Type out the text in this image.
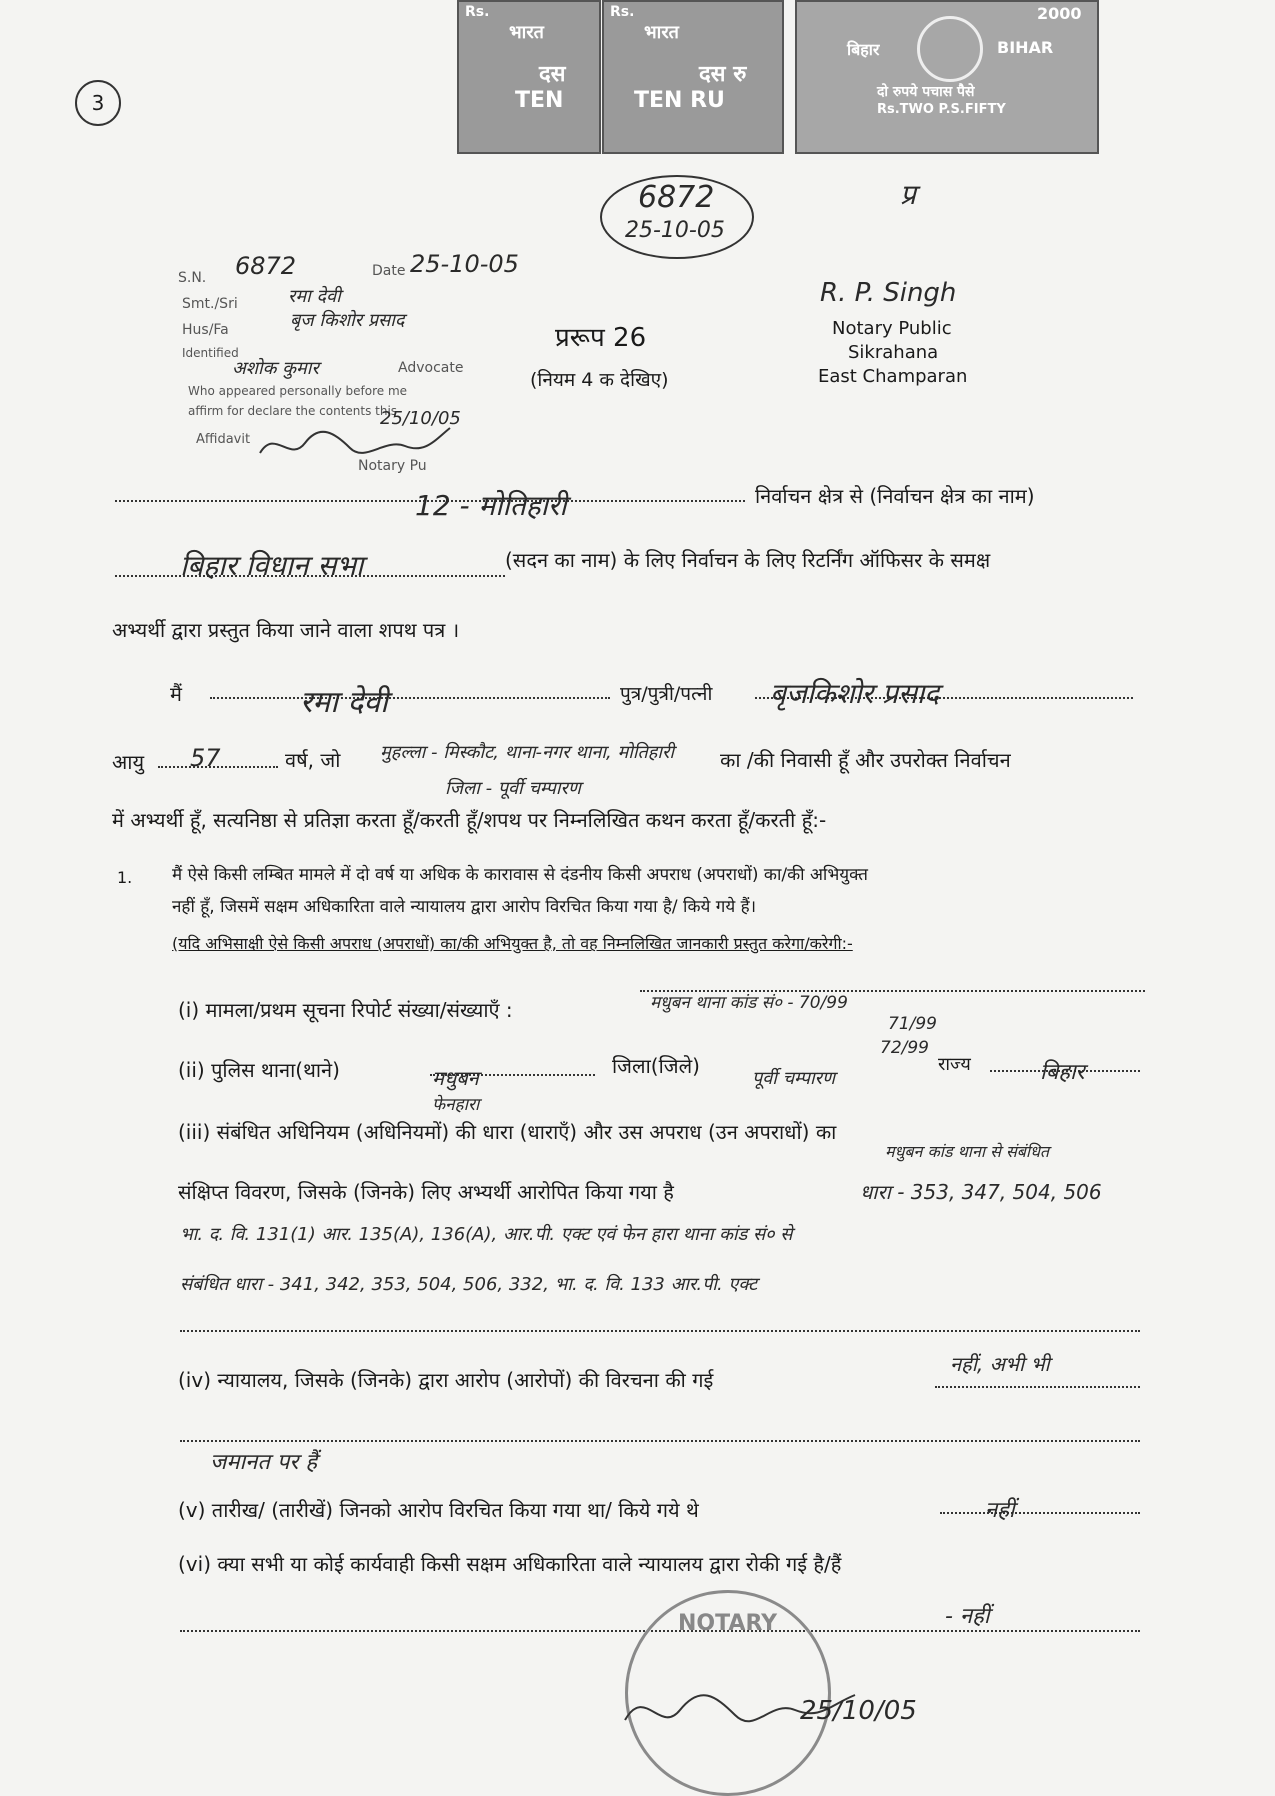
Rs.
भारत
दस
TEN
Rs.
भारत
दस रु
TEN RU
2000
बिहार	BIHAR
दो रुपये पचास पैसे
Rs.TWO P.S.FIFTY
3
6872
25-10-05
प्र
S.N. 6872	Date 25-10-05
Smt./Sri	रमा देवी
Hus/Fa	बृज किशोर प्रसाद
Identified
अशोक कुमार	Advocate
Who appeared personally before me
affirm for declare the contents this
Affidavit
25/10/05
Notary Pu
R. P. Singh
Notary Public
Sikrahana
East Champaran
प्ररूप 26
(नियम 4 क देखिए)
12 - मोतिहारी	निर्वाचन क्षेत्र से (निर्वाचन क्षेत्र का नाम)
बिहार विधान सभा	(सदन का नाम) के लिए निर्वाचन के लिए रिटर्निंग ऑफिसर के समक्ष
अभ्यर्थी द्वारा प्रस्तुत किया जाने वाला शपथ पत्र ।
मैं	रमा देवी	पुत्र/पुत्री/पत्नी बृजकिशोर प्रसाद
आयु 57	वर्ष, जो मुहल्ला - मिस्कौट, थाना-नगर थाना, मोतिहारी
जिला - पूर्वी चम्पारण
का /की निवासी हूँ और उपरोक्त निर्वाचन
में अभ्यर्थी हूँ, सत्यनिष्ठा से प्रतिज्ञा करता हूँ/करती हूँ/शपथ पर निम्नलिखित कथन करता हूँ/करती हूँ:-
1. मैं ऐसे किसी लम्बित मामले में दो वर्ष या अधिक के कारावास से दंडनीय किसी अपराध (अपराधों) का/की अभियुक्त
नहीं हूँ, जिसमें सक्षम अधिकारिता वाले न्यायालय द्वारा आरोप विरचित किया गया है/ किये गये हैं।
(यदि अभिसाक्षी ऐसे किसी अपराध (अपराधों) का/की अभियुक्त है, तो वह निम्नलिखित जानकारी प्रस्तुत करेगा/करेगी:-
(i) मामला/प्रथम सूचना रिपोर्ट संख्या/संख्याएँ :	मधुबन थाना कांड सं० - 70/99
71/99
72/99
(ii) पुलिस थाना(थाने)	मधुबन
फेनहारा
जिला(जिले)
पूर्वी चम्पारण
राज्य	बिहार
(iii) संबंधित अधिनियम (अधिनियमों) की धारा (धाराएँ) और उस अपराध (उन अपराधों) का
मधुबन कांड थाना से संबंधित
संक्षिप्त विवरण, जिसके (जिनके) लिए अभ्यर्थी आरोपित किया गया है	धारा - 353, 347, 504, 506
भा. द. वि. 131(1) आर. 135(A), 136(A), आर.पी. एक्ट एवं फेन हारा थाना कांड सं० से
संबंधित धारा - 341, 342, 353, 504, 506, 332, भा. द. वि. 133 आर.पी. एक्ट
(iv) न्यायालय, जिसके (जिनके) द्वारा आरोप (आरोपों) की विरचना की गई
नहीं, अभी भी
जमानत पर हैं
(v) तारीख/ (तारीखें) जिनको आरोप विरचित किया गया था/ किये गये थे	नहीं
(vi) क्या सभी या कोई कार्यवाही किसी सक्षम अधिकारिता वाले न्यायालय द्वारा रोकी गई है/हैं
- नहीं
NOTARY
25/10/05
